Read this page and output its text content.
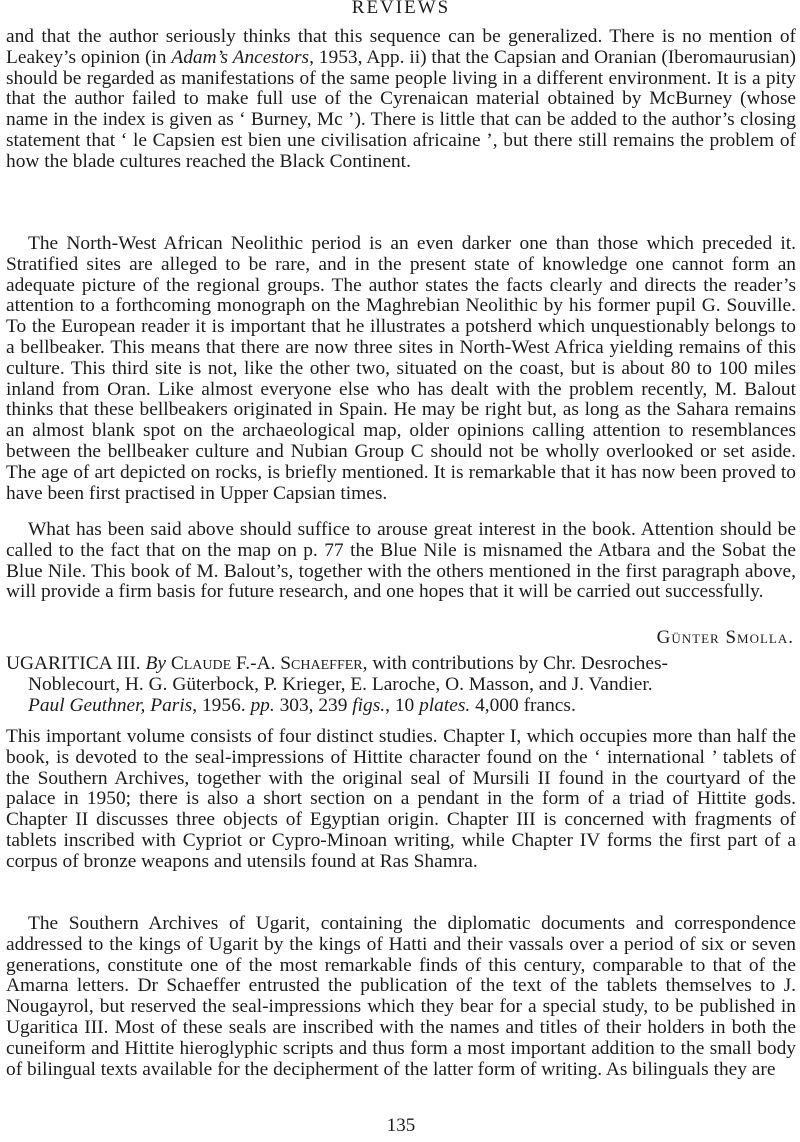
REVIEWS

and that the author seriously thinks that this sequence can be generalized. There is no mention of Leakey’s opinion (in Adam’s Ancestors, 1953, App. ii) that the Capsian and Oranian (Iberomaurusian) should be regarded as manifestations of the same people living in a different environment. It is a pity that the author failed to make full use of the Cyrenaican material obtained by McBurney (whose name in the index is given as ‘ Burney, Mc ’). There is little that can be added to the author’s closing statement that ‘ le Capsien est bien une civilisation africaine ’, but there still remains the problem of how the blade cultures reached the Black Continent.

The North-West African Neolithic period is an even darker one than those which preceded it. Stratified sites are alleged to be rare, and in the present state of knowledge one cannot form an adequate picture of the regional groups. The author states the facts clearly and directs the reader’s attention to a forthcoming monograph on the Maghrebian Neolithic by his former pupil G. Souville. To the European reader it is important that he illustrates a potsherd which unquestionably belongs to a bellbeaker. This means that there are now three sites in North-West Africa yielding remains of this culture. This third site is not, like the other two, situated on the coast, but is about 80 to 100 miles inland from Oran. Like almost everyone else who has dealt with the problem recently, M. Balout thinks that these bellbeakers originated in Spain. He may be right but, as long as the Sahara remains an almost blank spot on the archaeological map, older opinions calling attention to resemblances between the bellbeaker culture and Nubian Group C should not be wholly overlooked or set aside. The age of art depicted on rocks, is briefly mentioned. It is remarkable that it has now been proved to have been first practised in Upper Capsian times.

What has been said above should suffice to arouse great interest in the book. Attention should be called to the fact that on the map on p. 77 the Blue Nile is misnamed the Atbara and the Sobat the Blue Nile. This book of M. Balout’s, together with the others mentioned in the first paragraph above, will provide a firm basis for future research, and one hopes that it will be carried out successfully.

Günter Smolla.
UGARITICA III. By Claude F.-A. Schaeffer, with contributions by Chr. Desroches-
Noblecourt, H. G. Güterbock, P. Krieger, E. Laroche, O. Masson, and J. Vandier.
Paul Geuthner, Paris, 1956. pp. 303, 239 figs., 10 plates. 4,000 francs.

This important volume consists of four distinct studies. Chapter I, which occupies more than half the book, is devoted to the seal-impressions of Hittite character found on the ‘ international ’ tablets of the Southern Archives, together with the original seal of Mursili II found in the courtyard of the palace in 1950; there is also a short section on a pendant in the form of a triad of Hittite gods. Chapter II discusses three objects of Egyptian origin. Chapter III is concerned with fragments of tablets inscribed with Cypriot or Cypro-Minoan writing, while Chapter IV forms the first part of a corpus of bronze weapons and utensils found at Ras Shamra.

The Southern Archives of Ugarit, containing the diplomatic documents and correspondence addressed to the kings of Ugarit by the kings of Hatti and their vassals over a period of six or seven generations, constitute one of the most remarkable finds of this century, comparable to that of the Amarna letters. Dr Schaeffer entrusted the publication of the text of the tablets themselves to J. Nougayrol, but reserved the seal-impressions which they bear for a special study, to be published in Ugaritica III. Most of these seals are inscribed with the names and titles of their holders in both the cuneiform and Hittite hieroglyphic scripts and thus form a most important addition to the small body of bilingual texts available for the decipherment of the latter form of writing. As bilinguals they are

135
